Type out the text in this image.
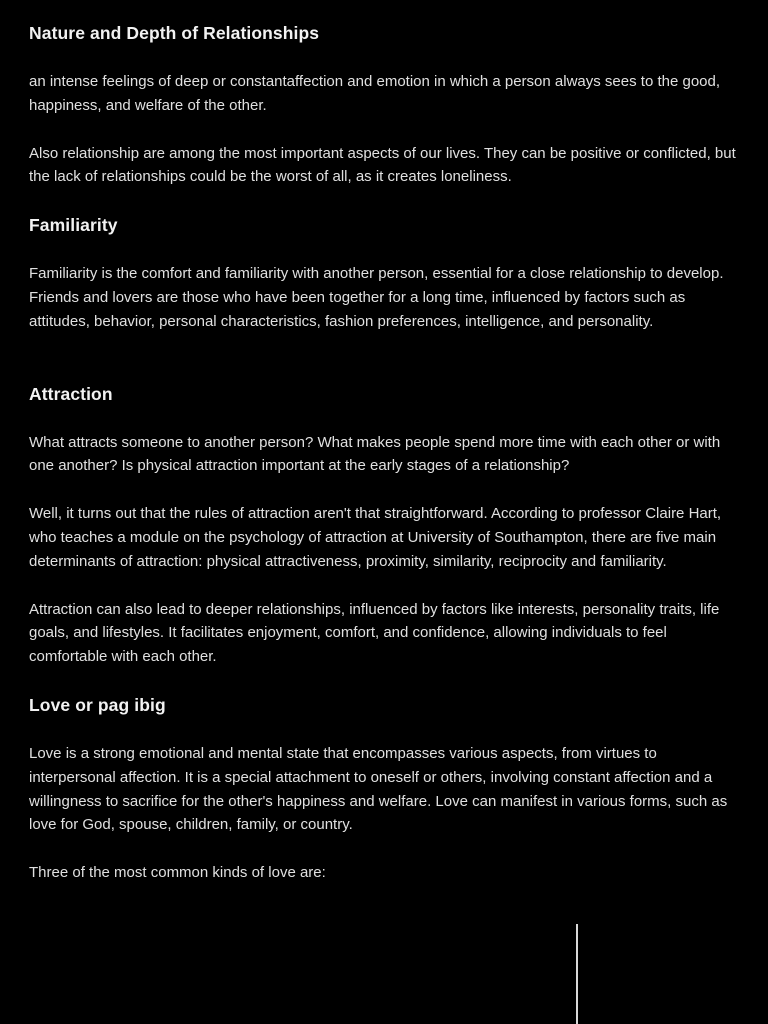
Nature and Depth of Relationships

an intense feelings of deep or constantaffection and emotion in which a person always sees to the good, happiness, and welfare of the other.

Also relationship are among the most important aspects of our lives. They can be positive or conflicted, but the lack of relationships could be the worst of all, as it creates loneliness.

Familiarity

Familiarity is the comfort and familiarity with another person, essential for a close relationship to develop. Friends and lovers are those who have been together for a long time, influenced by factors such as attitudes, behavior, personal characteristics, fashion preferences, intelligence, and personality.

Attraction

What attracts someone to another person? What makes people spend more time with each other or with one another? Is physical attraction important at the early stages of a relationship?

Well, it turns out that the rules of attraction aren't that straightforward. According to professor Claire Hart, who teaches a module on the psychology of attraction at University of Southampton, there are five main determinants of attraction: physical attractiveness, proximity, similarity, reciprocity and familiarity.

Attraction can also lead to deeper relationships, influenced by factors like interests, personality traits, life goals, and lifestyles. It facilitates enjoyment, comfort, and confidence, allowing individuals to feel comfortable with each other.

Love or pag ibig

Love is a strong emotional and mental state that encompasses various aspects, from virtues to interpersonal affection. It is a special attachment to oneself or others, involving constant affection and a willingness to sacrifice for the other's happiness and welfare. Love can manifest in various forms, such as love for God, spouse, children, family, or country.

Three of the most common kinds of love are:
